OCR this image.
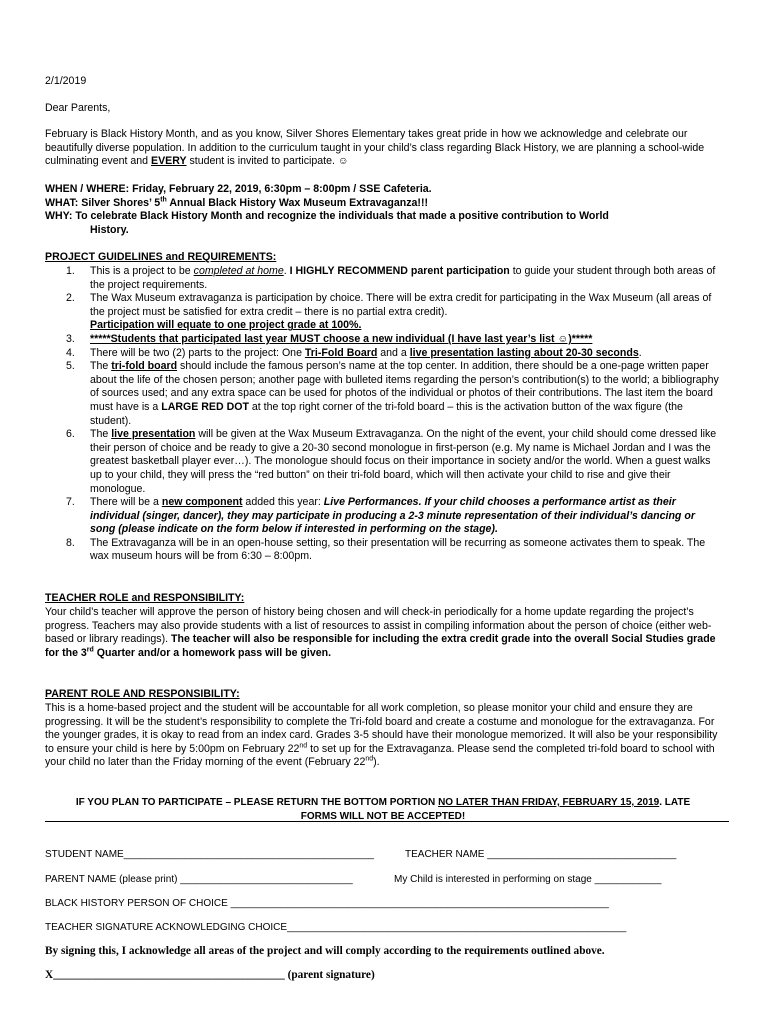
2/1/2019

Dear Parents,

February is Black History Month, and as you know, Silver Shores Elementary takes great pride in how we acknowledge and celebrate our beautifully diverse population. In addition to the curriculum taught in your child’s class regarding Black History, we are planning a school-wide culminating event and EVERY student is invited to participate. ☺

WHEN / WHERE: Friday, February 22, 2019, 6:30pm – 8:00pm / SSE Cafeteria.

WHAT: Silver Shores’ 5th Annual Black History Wax Museum Extravaganza!!!

WHY: To celebrate Black History Month and recognize the individuals that made a positive contribution to World

History.

PROJECT GUIDELINES and REQUIREMENTS:

1. This is a project to be completed at home. I HIGHLY RECOMMEND parent participation to guide your student through both areas of the project requirements.
2. The Wax Museum extravaganza is participation by choice. There will be extra credit for participating in the Wax Museum (all areas of the project must be satisfied for extra credit – there is no partial extra credit).
Participation will equate to one project grade at 100%.
3. *****Students that participated last year MUST choose a new individual (I have last year’s list ☺)*****
4. There will be two (2) parts to the project: One Tri-Fold Board and a live presentation lasting about 20-30 seconds.
5. The tri-fold board should include the famous person’s name at the top center. In addition, there should be a one-page written paper about the life of the chosen person; another page with bulleted items regarding the person’s contribution(s) to the world; a bibliography of sources used; and any extra space can be used for photos of the individual or photos of their contributions. The last item the board must have is a LARGE RED DOT at the top right corner of the tri-fold board – this is the activation button of the wax figure (the student).
6. The live presentation will be given at the Wax Museum Extravaganza. On the night of the event, your child should come dressed like their person of choice and be ready to give a 20-30 second monologue in first-person (e.g. My name is Michael Jordan and I was the greatest basketball player ever…). The monologue should focus on their importance in society and/or the world. When a guest walks up to your child, they will press the “red button” on their tri-fold board, which will then activate your child to rise and give their monologue.
7. There will be a new component added this year: Live Performances. If your child chooses a performance artist as their individual (singer, dancer), they may participate in producing a 2-3 minute representation of their individual’s dancing or song (please indicate on the form below if interested in performing on the stage).
8. The Extravaganza will be in an open-house setting, so their presentation will be recurring as someone activates them to speak. The wax museum hours will be from 6:30 – 8:00pm.

TEACHER ROLE and RESPONSIBILITY:

Your child’s teacher will approve the person of history being chosen and will check-in periodically for a home update regarding the project’s progress. Teachers may also provide students with a list of resources to assist in compiling information about the person of choice (either web-based or library readings). The teacher will also be responsible for including the extra credit grade into the overall Social Studies grade for the 3rd Quarter and/or a homework pass will be given.

PARENT ROLE AND RESPONSIBILITY:

This is a home-based project and the student will be accountable for all work completion, so please monitor your child and ensure they are progressing. It will be the student’s responsibility to complete the Tri-fold board and create a costume and monologue for the extravaganza. For the younger grades, it is okay to read from an index card. Grades 3-5 should have their monologue memorized. It will also be your responsibility to ensure your child is here by 5:00pm on February 22nd to set up for the Extravaganza. Please send the completed tri-fold board to school with your child no later than the Friday morning of the event (February 22nd).

IF YOU PLAN TO PARTICIPATE – PLEASE RETURN THE BOTTOM PORTION NO LATER THAN FRIDAY, FEBRUARY 15, 2019. LATE

FORMS WILL NOT BE ACCEPTED!

STUDENT NAME_____________________________________________	TEACHER NAME __________________________________

PARENT NAME (please print) _______________________________	My Child is interested in performing on stage ____________

BLACK HISTORY PERSON OF CHOICE ____________________________________________________________________

TEACHER SIGNATURE ACKNOWLEDGING CHOICE_____________________________________________________________

By signing this, I acknowledge all areas of the project and will comply according to the requirements outlined above.

X_________________________________________ (parent signature)
